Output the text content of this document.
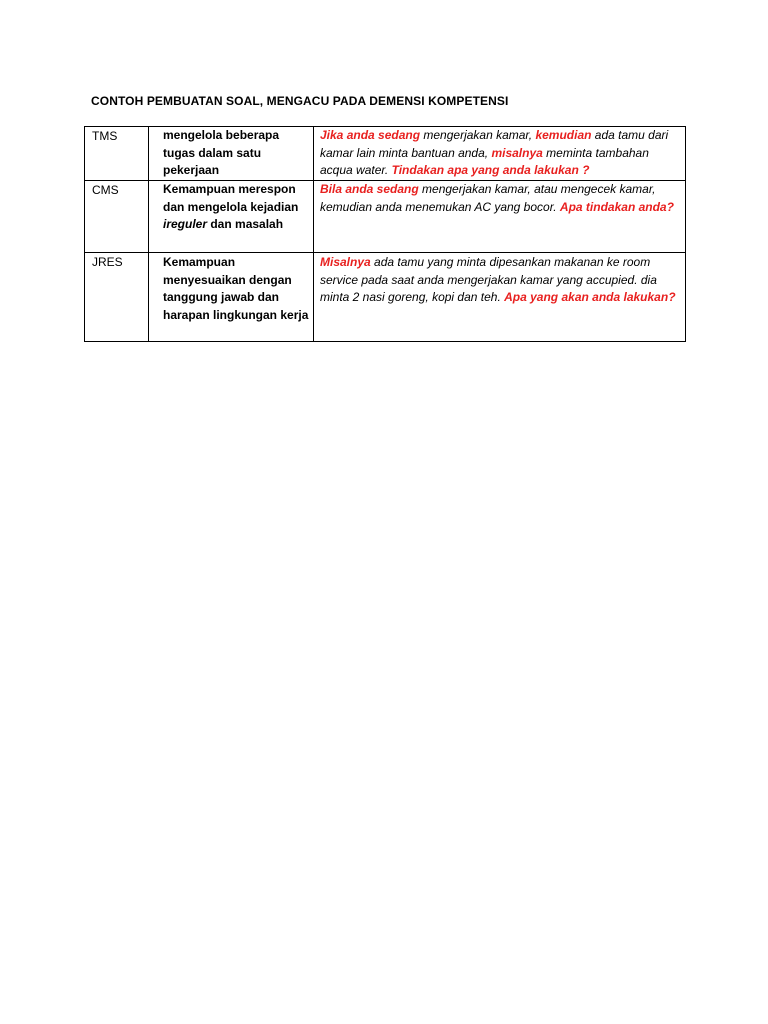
CONTOH PEMBUATAN SOAL, MENGACU PADA DEMENSI KOMPETENSI
TMS	mengelola beberapa tugas dalam satu pekerjaan	Jika anda sedang mengerjakan kamar, kemudian ada tamu dari kamar lain minta bantuan anda, misalnya meminta tambahan acqua water. Tindakan apa yang anda lakukan ?
CMS	Kemampuan merespon dan mengelola kejadian ireguler dan masalah	Bila anda sedang mengerjakan kamar, atau mengecek kamar, kemudian anda menemukan AC yang bocor. Apa tindakan anda?
JRES	Kemampuan menyesuaikan dengan tanggung jawab dan harapan lingkungan kerja	Misalnya ada tamu yang minta dipesankan makanan ke room service pada saat anda mengerjakan kamar yang accupied. dia minta 2 nasi goreng, kopi dan teh. Apa yang akan anda lakukan?
